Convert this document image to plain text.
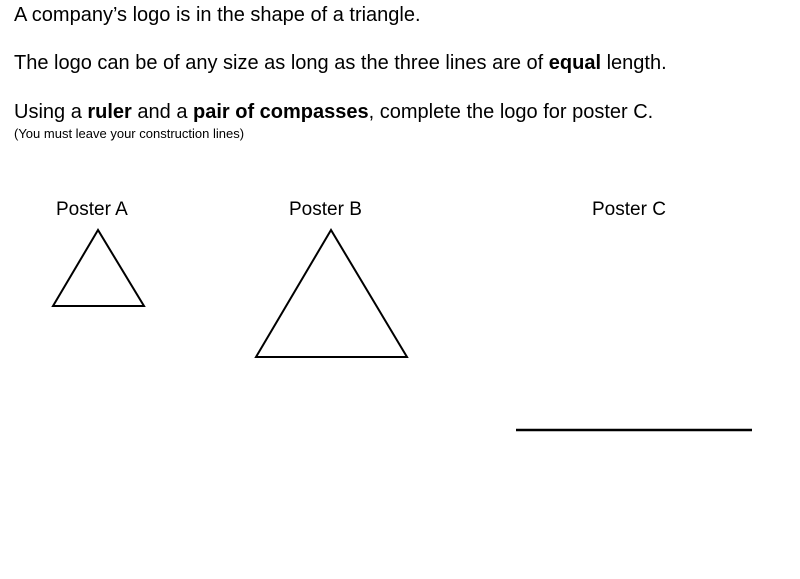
A company’s logo is in the shape of a triangle.
The logo can be of any size as long as the three lines are of equal length.
Using a ruler and a pair of compasses, complete the logo for poster C.
(You must leave your construction lines)
Poster A	Poster B	Poster C
